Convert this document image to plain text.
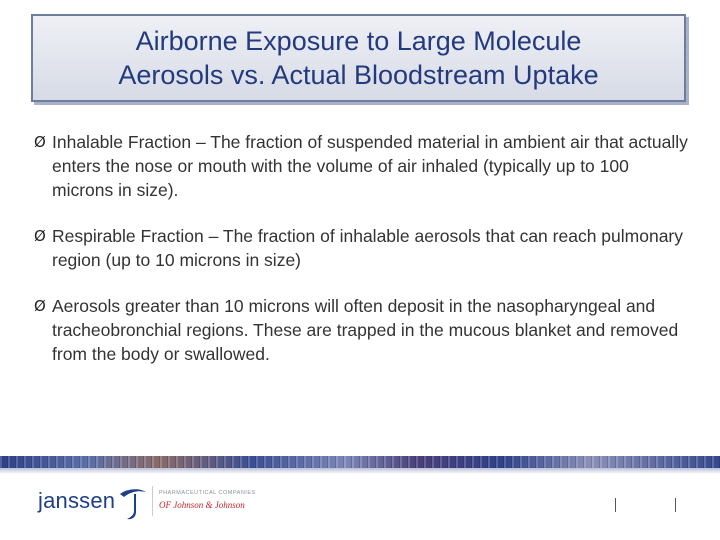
Airborne Exposure to Large Molecule
Aerosols vs. Actual Bloodstream Uptake
Ø Inhalable Fraction – The fraction of suspended material in ambient air that actually enters the nose or mouth with the volume of air inhaled (typically up to 100 microns in size).
Ø Respirable Fraction – The fraction of inhalable aerosols that can reach pulmonary region (up to 10 microns in size)
Ø Aerosols greater than 10 microns will often deposit in the nasopharyngeal and tracheobronchial regions. These are trapped in the mucous blanket and removed from the body or swallowed.
janssen	PHARMACEUTICAL COMPANIES
OF Johnson & Johnson
